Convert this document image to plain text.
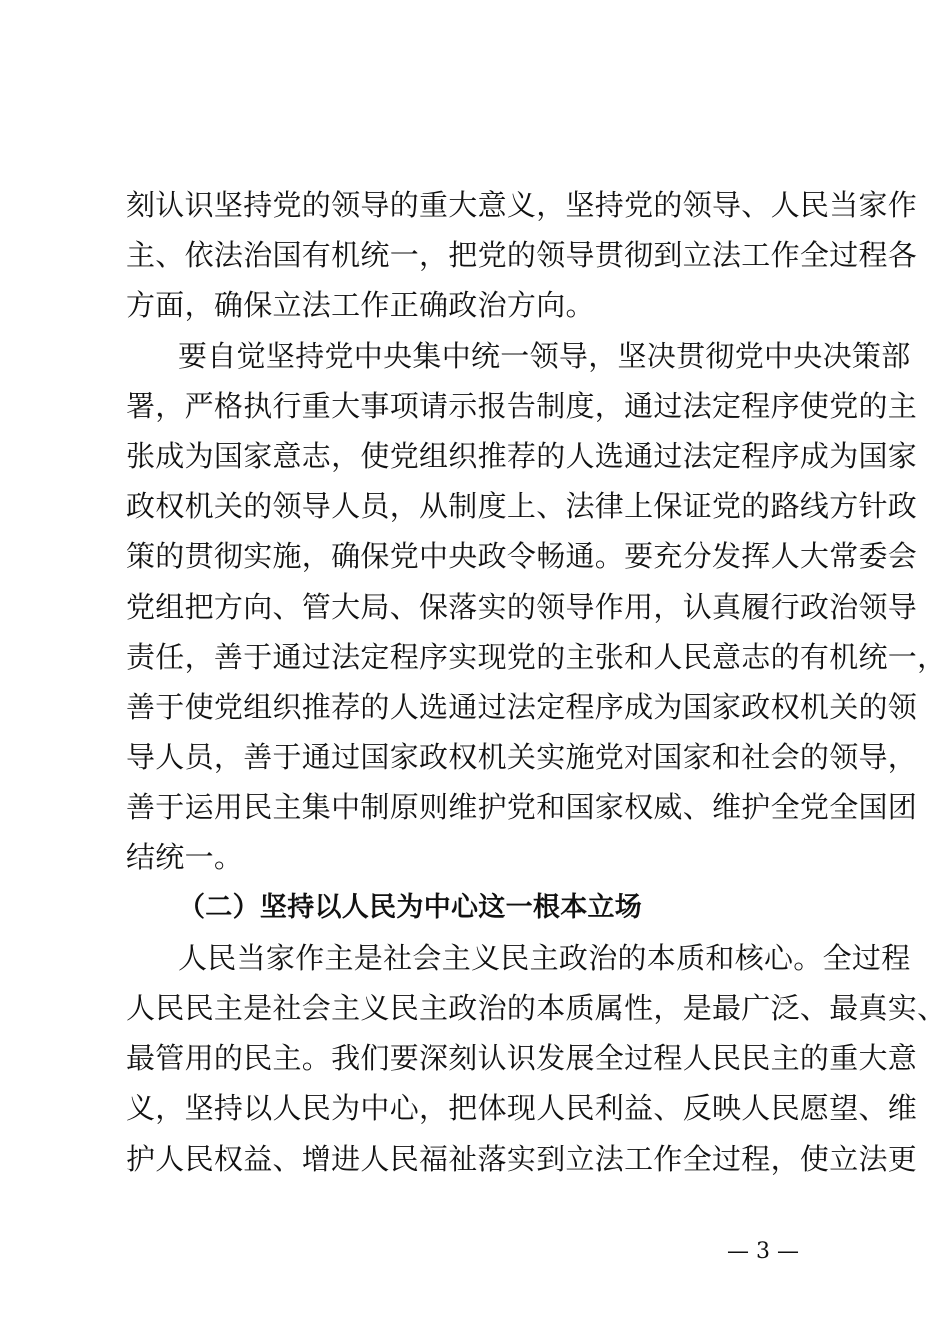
刻认识坚持党的领导的重大意义，坚持党的领导、人民当家作
主、依法治国有机统一，把党的领导贯彻到立法工作全过程各
方面，确保立法工作正确政治方向。
要自觉坚持党中央集中统一领导，坚决贯彻党中央决策部
署，严格执行重大事项请示报告制度，通过法定程序使党的主
张成为国家意志，使党组织推荐的人选通过法定程序成为国家
政权机关的领导人员，从制度上、法律上保证党的路线方针政
策的贯彻实施，确保党中央政令畅通。要充分发挥人大常委会
党组把方向、管大局、保落实的领导作用，认真履行政治领导
责任，善于通过法定程序实现党的主张和人民意志的有机统一，
善于使党组织推荐的人选通过法定程序成为国家政权机关的领
导人员，善于通过国家政权机关实施党对国家和社会的领导，
善于运用民主集中制原则维护党和国家权威、维护全党全国团
结统一。
（二）坚持以人民为中心这一根本立场
人民当家作主是社会主义民主政治的本质和核心。全过程
人民民主是社会主义民主政治的本质属性，是最广泛、最真实、
最管用的民主。我们要深刻认识发展全过程人民民主的重大意
义，坚持以人民为中心，把体现人民利益、反映人民愿望、维
护人民权益、增进人民福祉落实到立法工作全过程，使立法更
— 3 —
